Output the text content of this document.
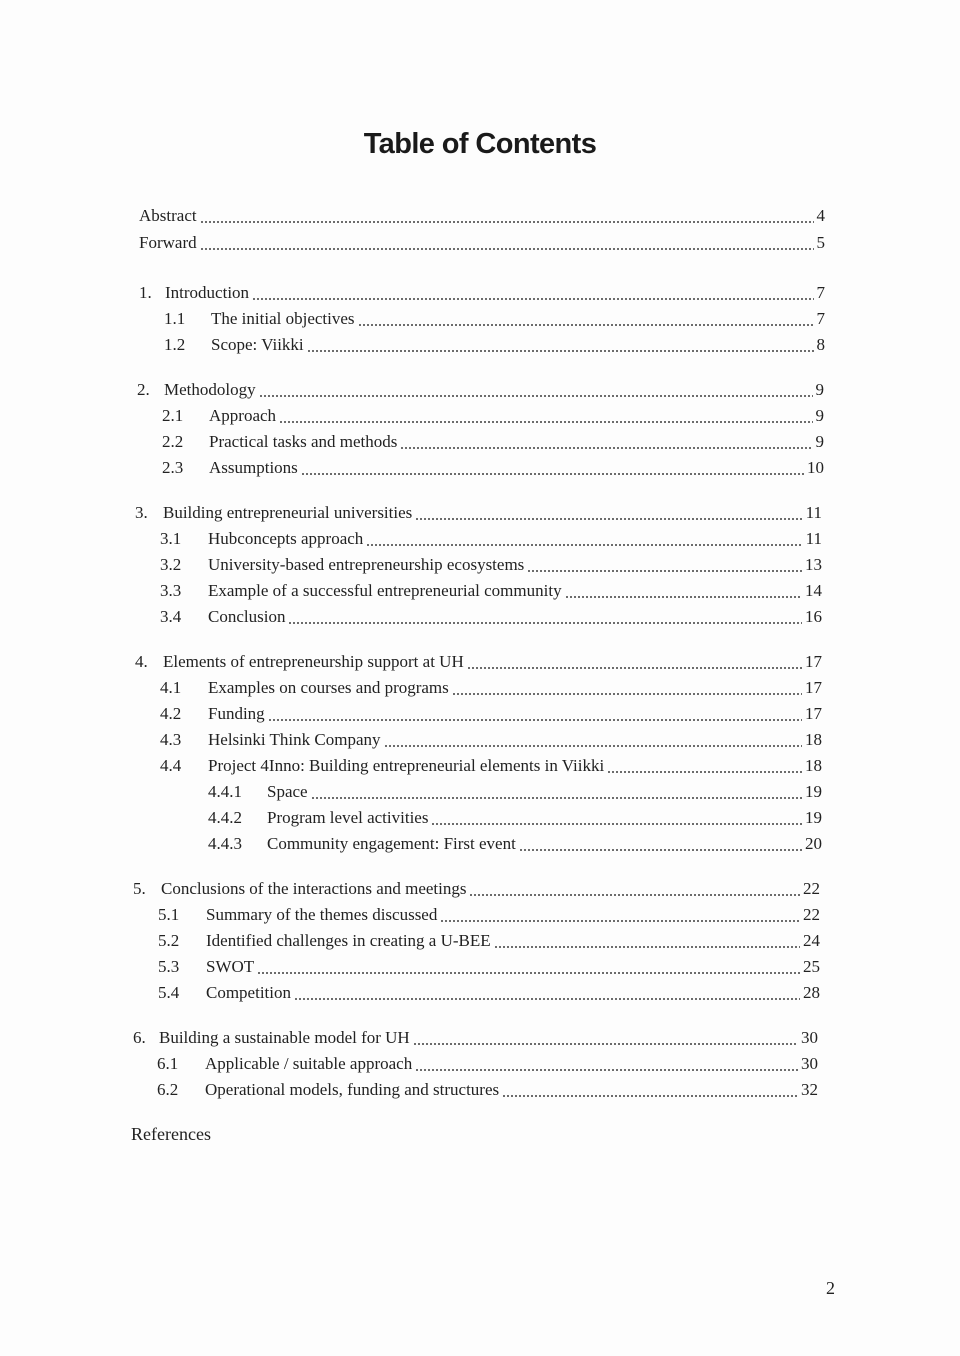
Table of Contents
Abstract	4
Forward	5
1. Introduction	7
1.1	The initial objectives	7
1.2	Scope: Viikki	8
2. Methodology	9
2.1	Approach	9
2.2	Practical tasks and methods	9
2.3	Assumptions	10
3. Building entrepreneurial universities	11
3.1	Hubconcepts approach	11
3.2	University-based entrepreneurship ecosystems	13
3.3	Example of a successful entrepreneurial community	14
3.4	Conclusion	16
4. Elements of entrepreneurship support at UH	17
4.1	Examples on courses and programs	17
4.2	Funding	17
4.3	Helsinki Think Company	18
4.4	Project 4Inno: Building entrepreneurial elements in Viikki	18
4.4.1	Space	19
4.4.2	Program level activities	19
4.4.3	Community engagement: First event	20
5. Conclusions of the interactions and meetings	22
5.1	Summary of the themes discussed	22
5.2	Identified challenges in creating a U-BEE	24
5.3	SWOT	25
5.4	Competition	28
6. Building a sustainable model for UH	30
6.1	Applicable / suitable approach	30
6.2	Operational models, funding and structures	32
References
2
